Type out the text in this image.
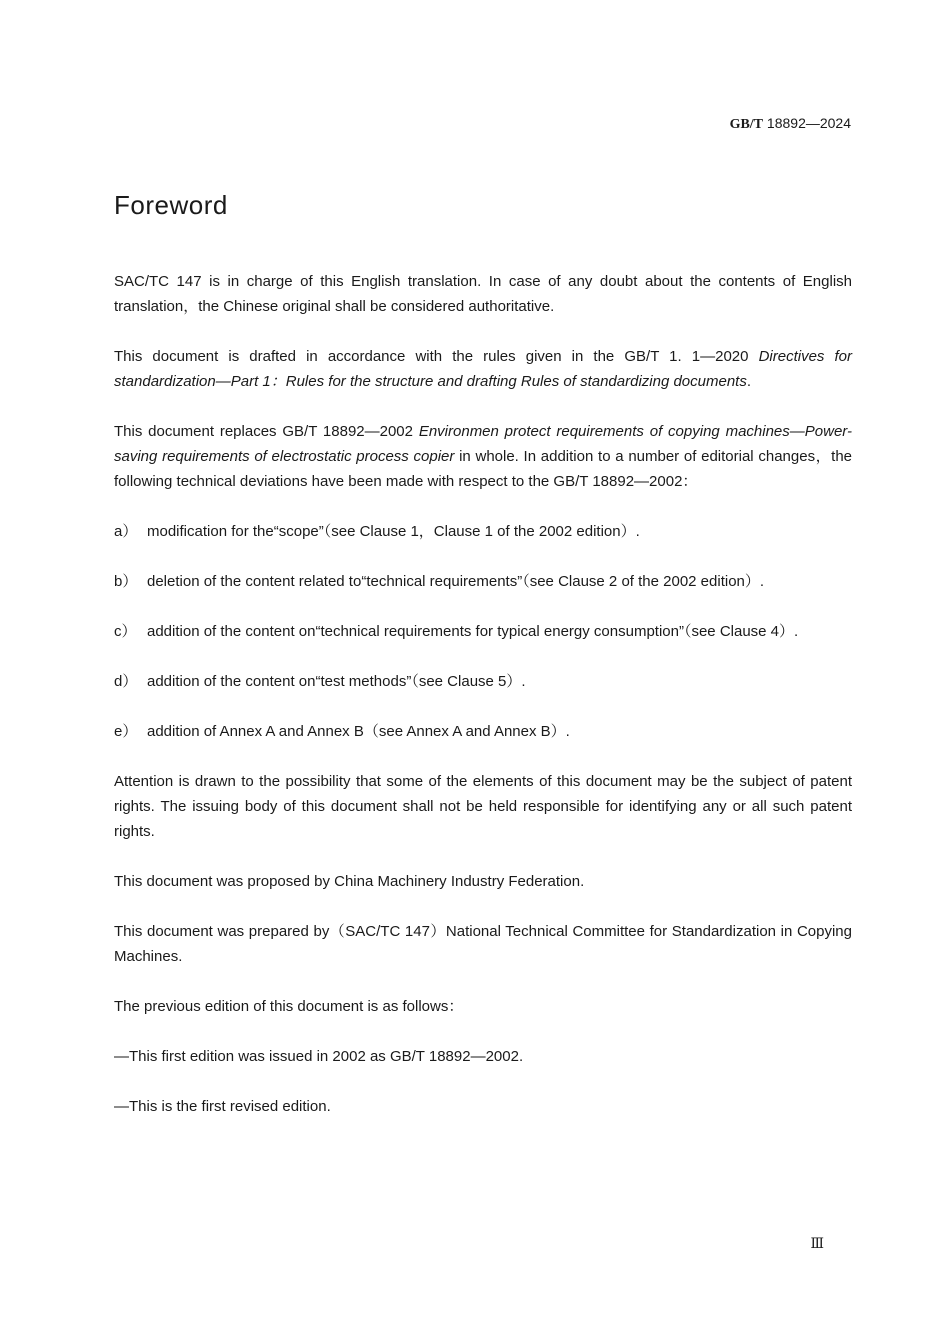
GB/T 18892—2024
Foreword

SAC/TC 147 is in charge of this English translation. In case of any doubt about the contents of English translation，the Chinese original shall be considered authoritative.

This document is drafted in accordance with the rules given in the GB/T 1. 1—2020 Directives for standardization—Part 1：Rules for the structure and drafting Rules of standardizing documents.

This document replaces GB/T 18892—2002 Environmen protect requirements of copying machines—Power-saving requirements of electrostatic process copier in whole. In addition to a number of editorial changes，the following technical deviations have been made with respect to the GB/T 18892—2002：

a） modification for the“scope”（see Clause 1，Clause 1 of the 2002 edition）.
b） deletion of the content related to“technical requirements”（see Clause 2 of the 2002 edition）.
c） addition of the content on“technical requirements for typical energy consumption”（see Clause 4）.
d） addition of the content on“test methods”（see Clause 5）.
e） addition of Annex A and Annex B（see Annex A and Annex B）.

Attention is drawn to the possibility that some of the elements of this document may be the subject of patent rights. The issuing body of this document shall not be held responsible for identifying any or all such patent rights.

This document was proposed by China Machinery Industry Federation.

This document was prepared by（SAC/TC 147）National Technical Committee for Standardization in Copying Machines.

The previous edition of this document is as follows：

—This first edition was issued in 2002 as GB/T 18892—2002.

—This is the first revised edition.

Ⅲ
